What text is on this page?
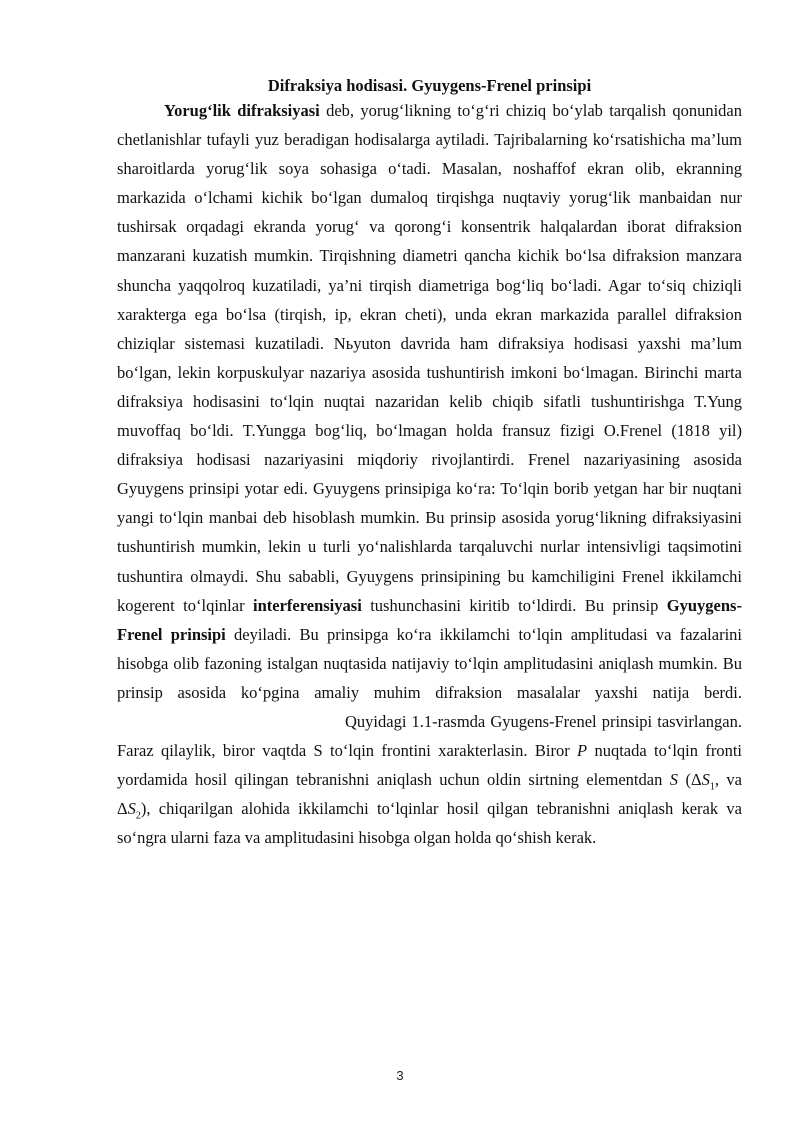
Difraksiya hodisasi. Gyuygens-Frenel prinsipi

Yorug‘lik difraksiyasi deb, yorug‘likning to‘g‘ri chiziq bo‘ylab tarqalish qonunidan chetlanishlar tufayli yuz beradigan hodisalarga aytiladi. Tajribalarning ko‘rsatishicha ma’lum sharoitlarda yorug‘lik soya sohasiga o‘tadi. Masalan, noshaffof ekran olib, ekranning markazida o‘lchami kichik bo‘lgan dumaloq tirqishga nuqtaviy yorug‘lik manbaidan nur tushirsak orqadagi ekranda yorug‘ va qorong‘i konsentrik halqalardan iborat difraksion manzarani kuzatish mumkin. Tirqishning diametri qancha kichik bo‘lsa difraksion manzara shuncha yaqqolroq kuzatiladi, ya’ni tirqish diametriga bog‘liq bo‘ladi. Agar to‘siq chiziqli xarakterga ega bo‘lsa (tirqish, ip, ekran cheti), unda ekran markazida parallel difraksion chiziqlar sistemasi kuzatiladi. Nьyuton davrida ham difraksiya hodisasi yaxshi ma’lum bo‘lgan, lekin korpuskulyar nazariya asosida tushuntirish imkoni bo‘lmagan. Birinchi marta difraksiya hodisasini to‘lqin nuqtai nazaridan kelib chiqib sifatli tushuntirishga T.Yung muvoffaq bo‘ldi. T.Yungga bog‘liq, bo‘lmagan holda fransuz fizigi O.Frenel (1818 yil) difraksiya hodisasi nazariyasini miqdoriy rivojlantirdi. Frenel nazariyasining asosida Gyuygens prinsipi yotar edi. Gyuygens prinsipiga ko‘ra: To‘lqin borib yetgan har bir nuqtani yangi to‘lqin manbai deb hisoblash mumkin. Bu prinsip asosida yorug‘likning difraksiyasini tushuntirish mumkin, lekin u turli yo‘nalishlarda tarqaluvchi nurlar intensivligi taqsimotini tushuntira olmaydi. Shu sababli, Gyuygens prinsipining bu kamchiligini Frenel ikkilamchi kogerent to‘lqinlar interferensiyasi tushunchasini kiritib to‘ldirdi. Bu prinsip Gyuygens-Frenel prinsipi deyiladi. Bu prinsipga ko‘ra ikkilamchi to‘lqin amplitudasi va fazalarini hisobga olib fazoning istalgan nuqtasida natijaviy to‘lqin amplitudasini aniqlash mumkin. Bu prinsip asosida ko‘pgina amaliy muhim difraksion masalalar yaxshi natija berdi.Quyidagi 1.1-rasmda Gyugens-Frenel prinsipi tasvirlangan. Faraz qilaylik, biror vaqtda S to‘lqin frontini xarakterlasin. Biror P nuqtada to‘lqin fronti yordamida hosil qilingan tebranishni aniqlash uchun oldin sirtning elementdan S ($\Delta S_1$, va $\Delta S_2$), chiqarilgan alohida ikkilamchi to‘lqinlar hosil qilgan tebranishni aniqlash kerak va so‘ngra ularni faza va amplitudasini hisobga olgan holda qo‘shish kerak.

3
